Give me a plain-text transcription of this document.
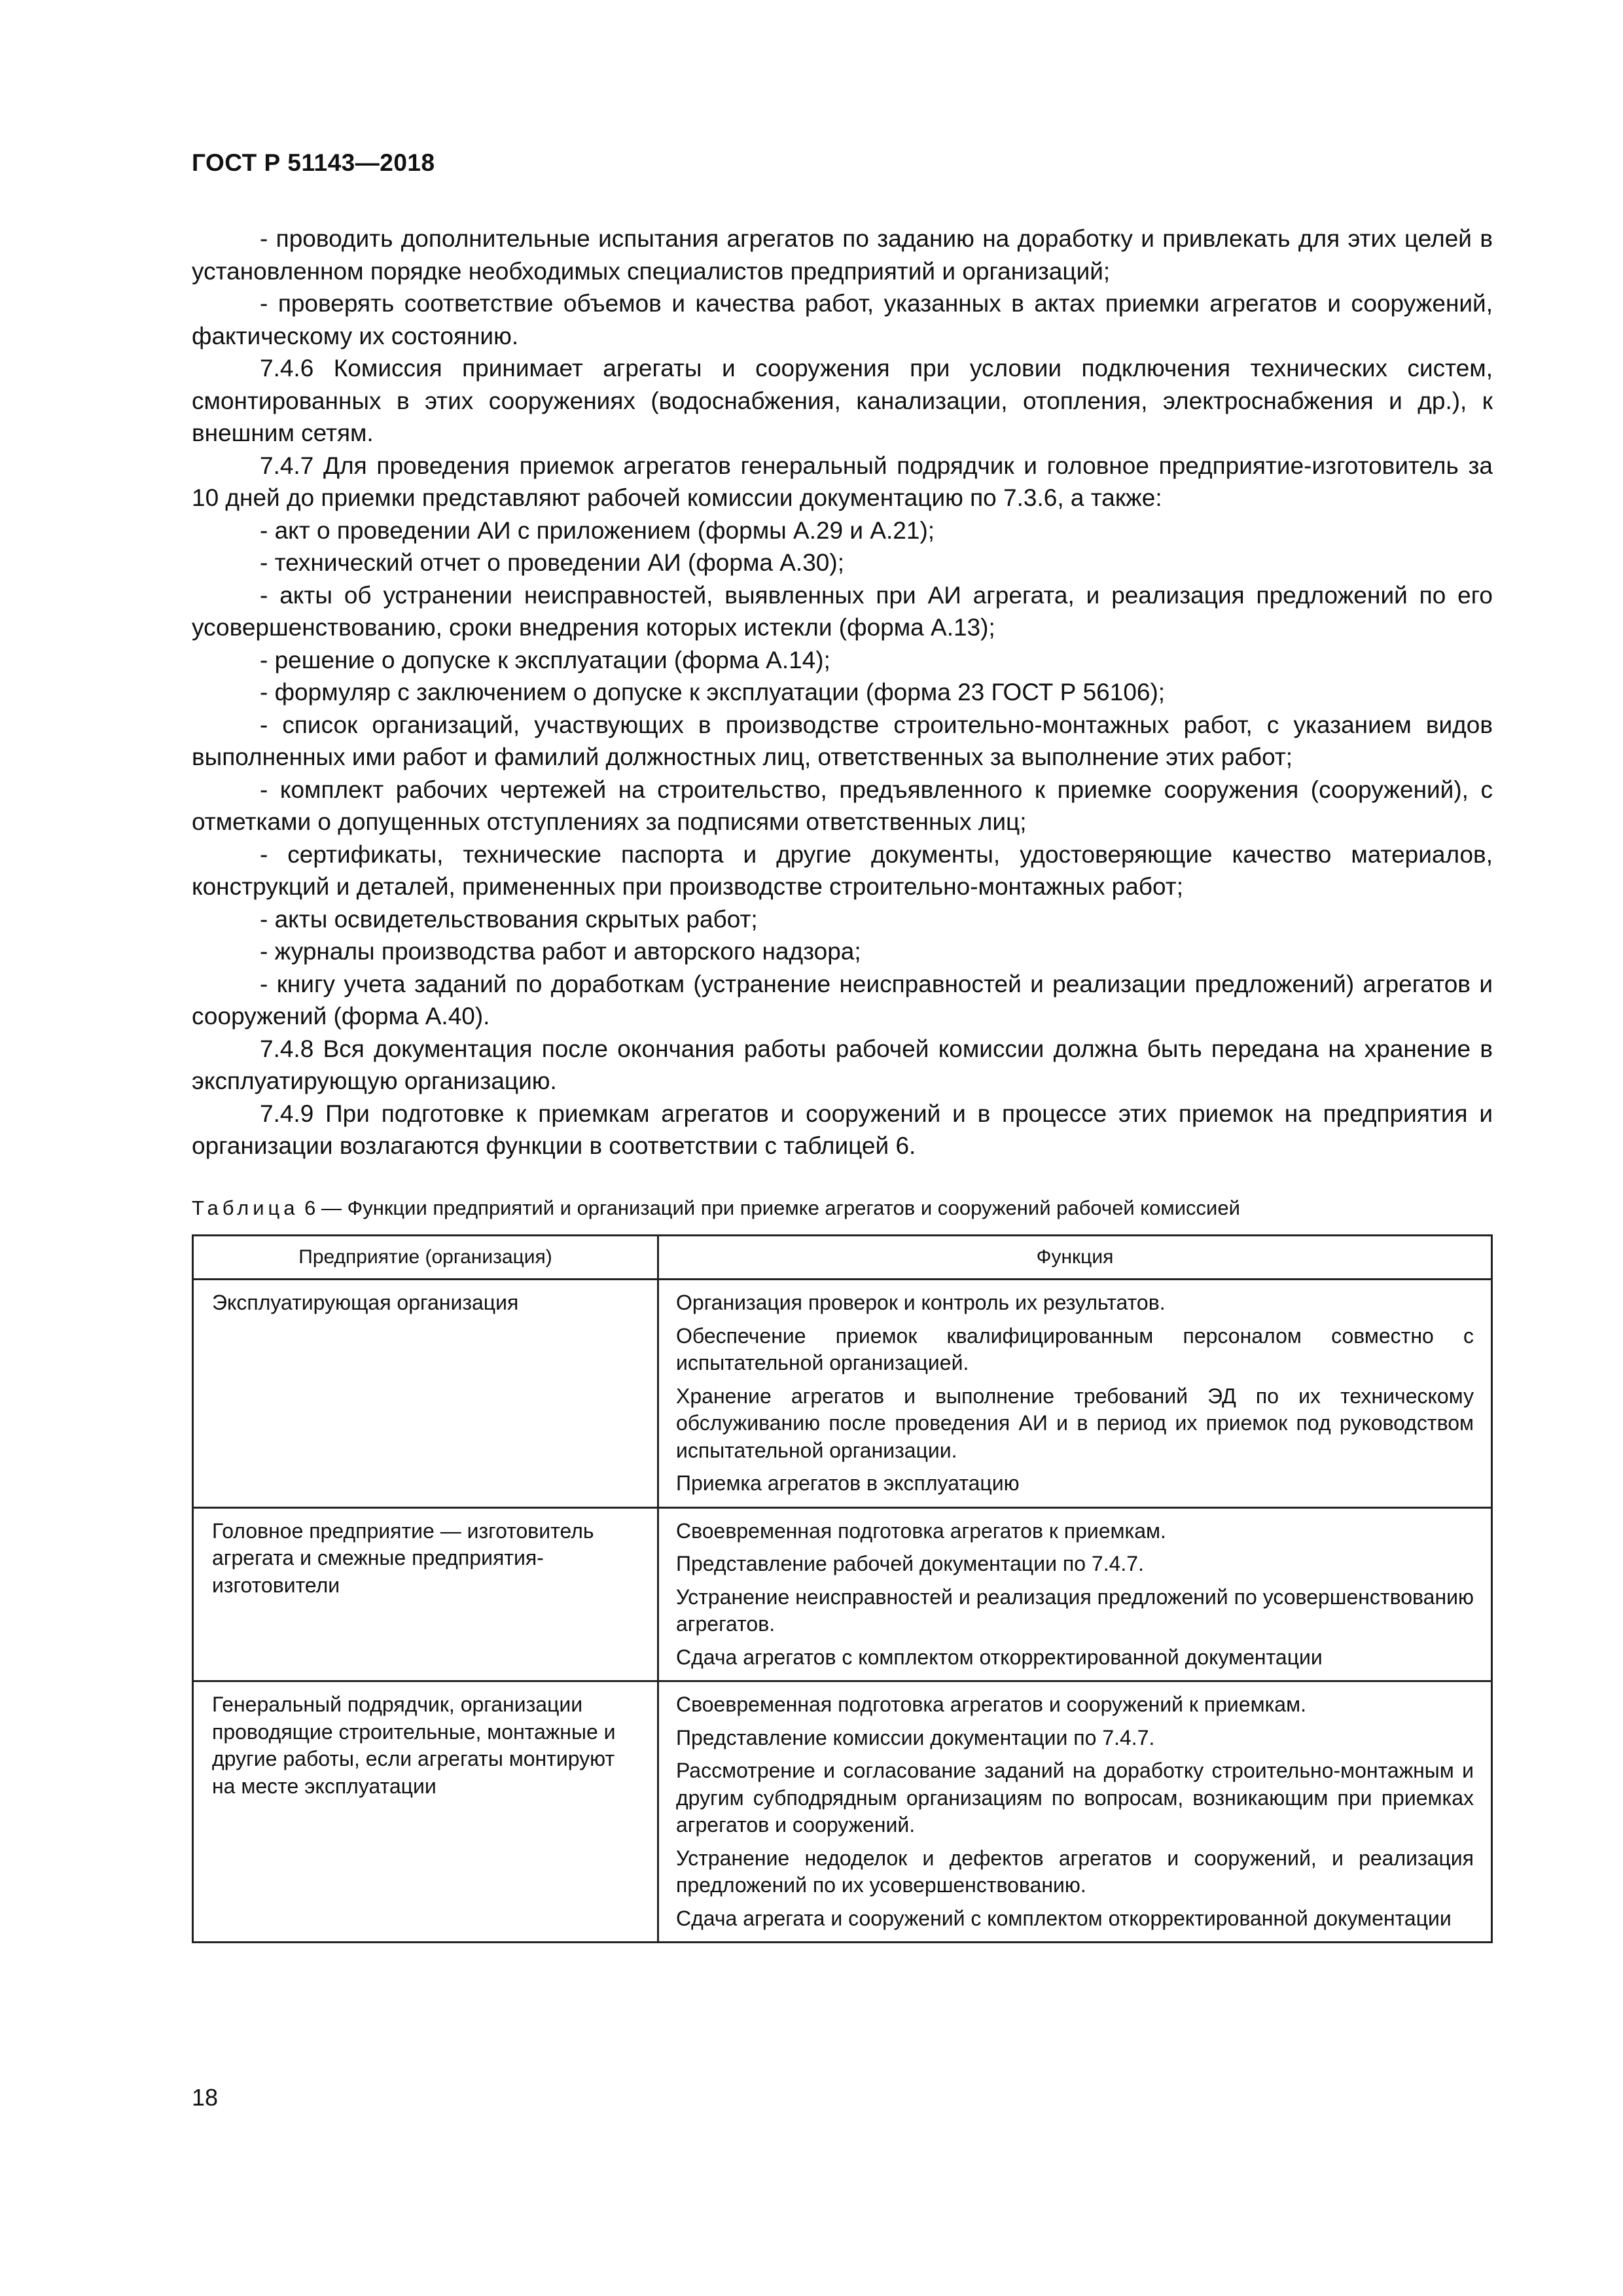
ГОСТ Р 51143—2018

- проводить дополнительные испытания агрегатов по заданию на доработку и привлекать для этих целей в установленном порядке необходимых специалистов предприятий и организаций;

- проверять соответствие объемов и качества работ, указанных в актах приемки агрегатов и сооружений, фактическому их состоянию.

7.4.6 Комиссия принимает агрегаты и сооружения при условии подключения технических систем, смонтированных в этих сооружениях (водоснабжения, канализации, отопления, электроснабжения и др.), к внешним сетям.

7.4.7 Для проведения приемок агрегатов генеральный подрядчик и головное предприятие-изготовитель за 10 дней до приемки представляют рабочей комиссии документацию по 7.3.6, а также:

- акт о проведении АИ с приложением (формы А.29 и А.21);

- технический отчет о проведении АИ (форма А.30);

- акты об устранении неисправностей, выявленных при АИ агрегата, и реализация предложений по его усовершенствованию, сроки внедрения которых истекли (форма А.13);

- решение о допуске к эксплуатации (форма А.14);

- формуляр с заключением о допуске к эксплуатации (форма 23 ГОСТ Р 56106);

- список организаций, участвующих в производстве строительно-монтажных работ, с указанием видов выполненных ими работ и фамилий должностных лиц, ответственных за выполнение этих работ;

- комплект рабочих чертежей на строительство, предъявленного к приемке сооружения (сооружений), с отметками о допущенных отступлениях за подписями ответственных лиц;

- сертификаты, технические паспорта и другие документы, удостоверяющие качество материалов, конструкций и деталей, примененных при производстве строительно-монтажных работ;

- акты освидетельствования скрытых работ;

- журналы производства работ и авторского надзора;

- книгу учета заданий по доработкам (устранение неисправностей и реализации предложений) агрегатов и сооружений (форма А.40).

7.4.8 Вся документация после окончания работы рабочей комиссии должна быть передана на хранение в эксплуатирующую организацию.

7.4.9 При подготовке к приемкам агрегатов и сооружений и в процессе этих приемок на предприятия и организации возлагаются функции в соответствии с таблицей 6.

Таблица 6 — Функции предприятий и организаций при приемке агрегатов и сооружений рабочей комиссией
Предприятие (организация)	Функция
Эксплуатирующая организация	Организация проверок и контроль их результатов.

Обеспечение приемок квалифицированным персоналом совместно с испытательной организацией.

Хранение агрегатов и выполнение требований ЭД по их техническому обслуживанию после проведения АИ и в период их приемок под руководством испытательной организации.

Приемка агрегатов в эксплуатацию

Головное предприятие — изготовитель агрегата и смежные предприятия-изготовители	Своевременная подготовка агрегатов к приемкам.

Представление рабочей документации по 7.4.7.

Устранение неисправностей и реализация предложений по усовершенствованию агрегатов.

Сдача агрегатов с комплектом откорректированной документации

Генеральный подрядчик, организации проводящие строительные, монтажные и другие работы, если агрегаты монтируют на месте эксплуатации	Своевременная подготовка агрегатов и сооружений к приемкам.

Представление комиссии документации по 7.4.7.

Рассмотрение и согласование заданий на доработку строительно-монтажным и другим субподрядным организациям по вопросам, возникающим при приемках агрегатов и сооружений.

Устранение недоделок и дефектов агрегатов и сооружений, и реализация предложений по их усовершенствованию.

Сдача агрегата и сооружений с комплектом откорректированной документации

18
